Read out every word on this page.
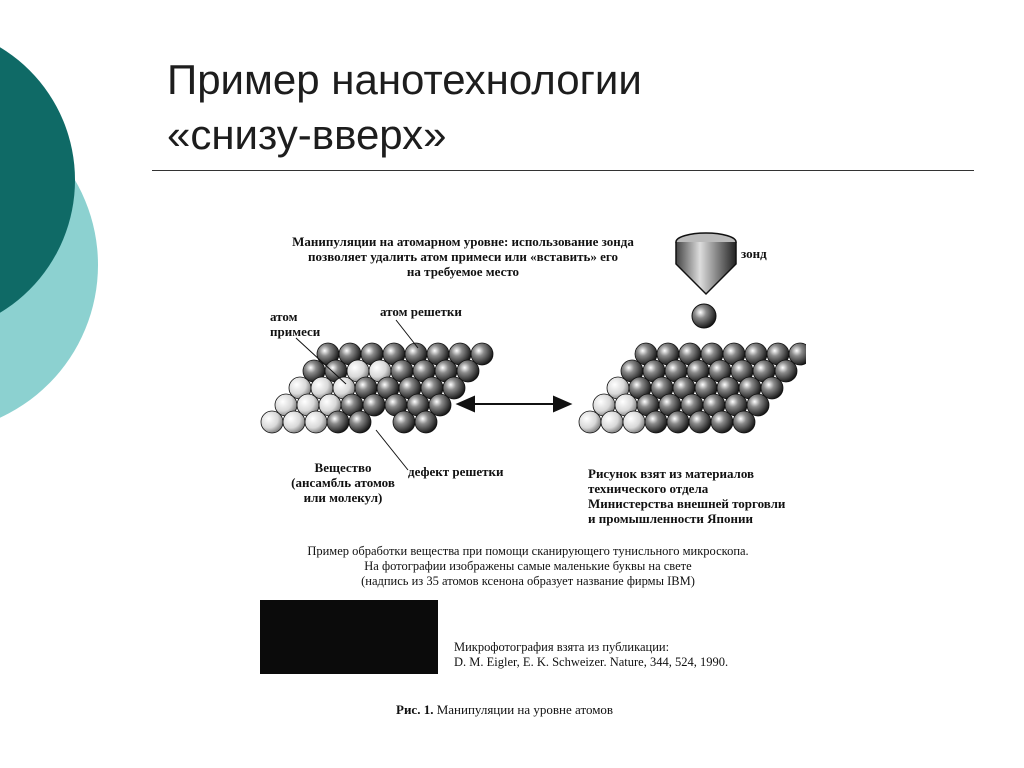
Пример нанотехнологии
«снизу-вверх»
Манипуляции на атомарном уровне: использование зонда
позволяет удалить атом примеси или «вставить» его
на требуемое место
зонд
атом
примеси
атом решетки
Вещество
(ансамбль атомов
или молекул)
дефект решетки	Рисунок взят из материалов
технического отдела
Министерства внешней торговли
и промышленности Японии
Пример обработки вещества при помощи сканирующего тунисльного микроскопа.
На фотографии изображены самые маленькие буквы на свете
(надпись из 35 атомов ксенона образует название фирмы IBM)
Микрофотография взята из публикации:
D. M. Eigler, E. K. Schweizer. Nature, 344, 524, 1990.
Рис. 1. Манипуляции на уровне атомов
